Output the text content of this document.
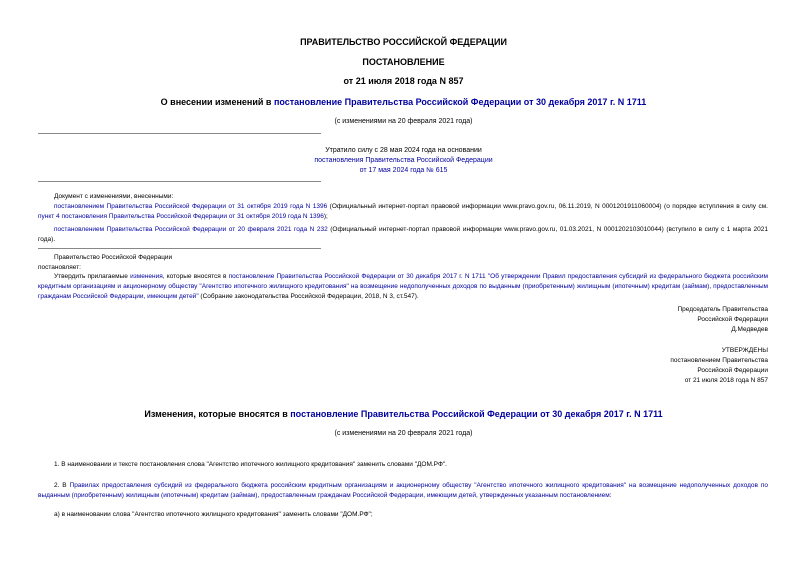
ПРАВИТЕЛЬСТВО РОССИЙСКОЙ ФЕДЕРАЦИИ
ПОСТАНОВЛЕНИЕ
от 21 июля 2018 года N 857
О внесении изменений в постановление Правительства Российской Федерации от 30 декабря 2017 г. N 1711
(с изменениями на 20 февраля 2021 года)
Утратило силу с 28 мая 2024 года на основании
постановления Правительства Российской Федерации
от 17 мая 2024 года № 615
Документ с изменениями, внесенными:
постановлением Правительства Российской Федерации от 31 октября 2019 года N 1396 (Официальный интернет-портал правовой информации www.pravo.gov.ru, 06.11.2019, N 0001201911060004) (о порядке вступления в силу см. пункт 4 постановления Правительства Российской Федерации от 31 октября 2019 года N 1396);
постановлением Правительства Российской Федерации от 20 февраля 2021 года N 232 (Официальный интернет-портал правовой информации www.pravo.gov.ru, 01.03.2021, N 0001202103010044) (вступило в силу с 1 марта 2021 года).
Правительство Российской Федерации
постановляет:
Утвердить прилагаемые изменения, которые вносятся в постановление Правительства Российской Федерации от 30 декабря 2017 г. N 1711 "Об утверждении Правил предоставления субсидий из федерального бюджета российским кредитным организациям и акционерному обществу "Агентство ипотечного жилищного кредитования" на возмещение недополученных доходов по выданным (приобретенным) жилищным (ипотечным) кредитам (займам), предоставленным гражданам Российской Федерации, имеющим детей" (Собрание законодательства Российской Федерации, 2018, N 3, ст.547).
Председатель Правительства
Российской Федерации
Д.Медведев
УТВЕРЖДЕНЫ
постановлением Правительства
Российской Федерации
от 21 июля 2018 года N 857
Изменения, которые вносятся в постановление Правительства Российской Федерации от 30 декабря 2017 г. N 1711
(с изменениями на 20 февраля 2021 года)
1. В наименовании и тексте постановления слова "Агентство ипотечного жилищного кредитования" заменить словами "ДОМ.РФ".
2. В Правилах предоставления субсидий из федерального бюджета российским кредитным организациям и акционерному обществу "Агентство ипотечного жилищного кредитования" на возмещение недополученных доходов по выданным (приобретенным) жилищным (ипотечным) кредитам (займам), предоставленным гражданам Российской Федерации, имеющим детей, утвержденных указанным постановлением:
а) в наименовании слова "Агентство ипотечного жилищного кредитования" заменить словами "ДОМ.РФ";
